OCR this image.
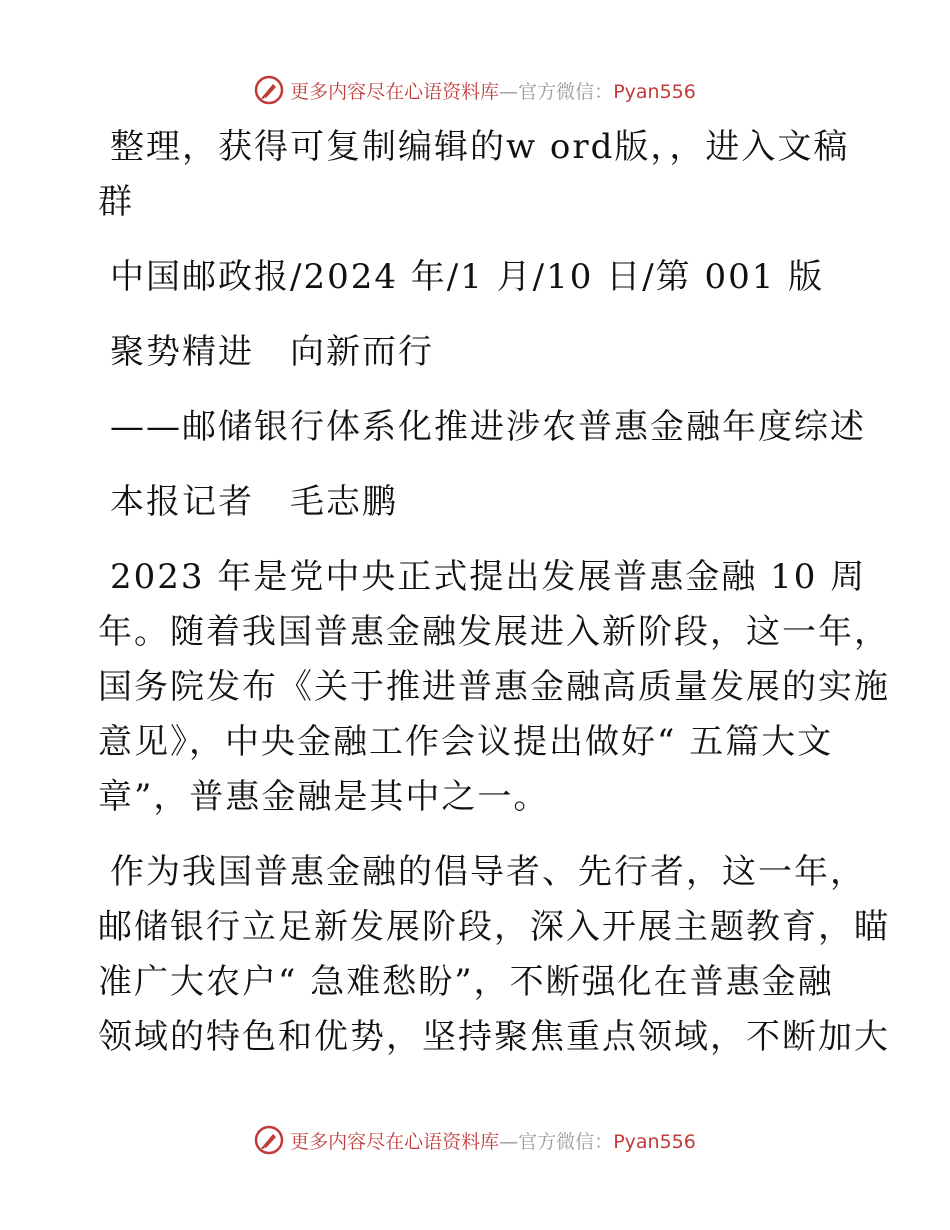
更多内容尽在心语资料库—官方微信：Pyan556
整理，获得可复制编辑的w ord版，，进入文稿
群
中国邮政报/2024 年/1 月/10 日/第 001 版
聚势精进　向新而行
——邮储银行体系化推进涉农普惠金融年度综述
本报记者　毛志鹏
2023 年是党中央正式提出发展普惠金融 10 周
年。随着我国普惠金融发展进入新阶段，这一年，
国务院发布《关于推进普惠金融高质量发展的实施
意见》，中央金融工作会议提出做好“ 五篇大文
章”，普惠金融是其中之一。
作为我国普惠金融的倡导者、先行者，这一年，
邮储银行立足新发展阶段，深入开展主题教育，瞄
准广大农户“ 急难愁盼”，不断强化在普惠金融
领域的特色和优势，坚持聚焦重点领域，不断加大
更多内容尽在心语资料库—官方微信：Pyan556
